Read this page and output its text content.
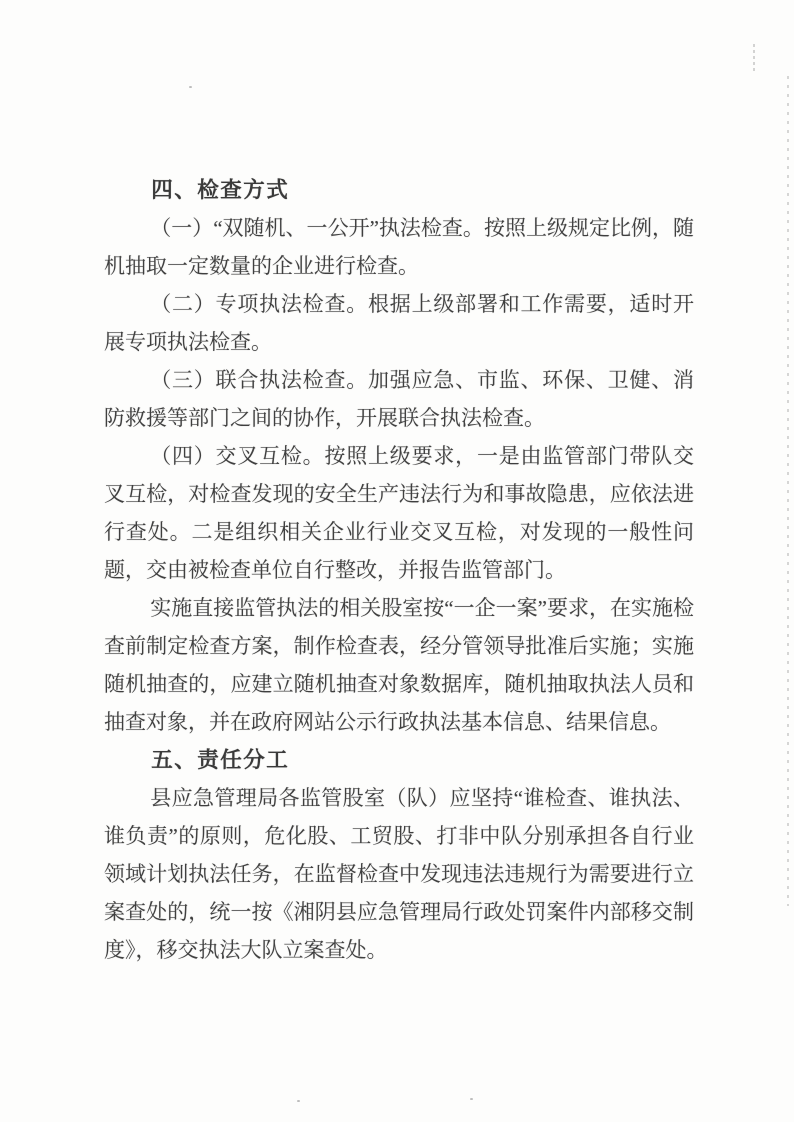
四、检查方式

（一）“双随机、一公开”执法检查。按照上级规定比例，随机抽取一定数量的企业进行检查。

（二）专项执法检查。根据上级部署和工作需要，适时开展专项执法检查。

（三）联合执法检查。加强应急、市监、环保、卫健、消防救援等部门之间的协作，开展联合执法检查。

（四）交叉互检。按照上级要求，一是由监管部门带队交叉互检，对检查发现的安全生产违法行为和事故隐患，应依法进行查处。二是组织相关企业行业交叉互检，对发现的一般性问题，交由被检查单位自行整改，并报告监管部门。

实施直接监管执法的相关股室按“一企一案”要求，在实施检查前制定检查方案，制作检查表，经分管领导批准后实施；实施随机抽查的，应建立随机抽查对象数据库，随机抽取执法人员和抽查对象，并在政府网站公示行政执法基本信息、结果信息。

五、责任分工

县应急管理局各监管股室（队）应坚持“谁检查、谁执法、谁负责”的原则，危化股、工贸股、打非中队分别承担各自行业领域计划执法任务，在监督检查中发现违法违规行为需要进行立案查处的，统一按《湘阴县应急管理局行政处罚案件内部移交制度》，移交执法大队立案查处。
